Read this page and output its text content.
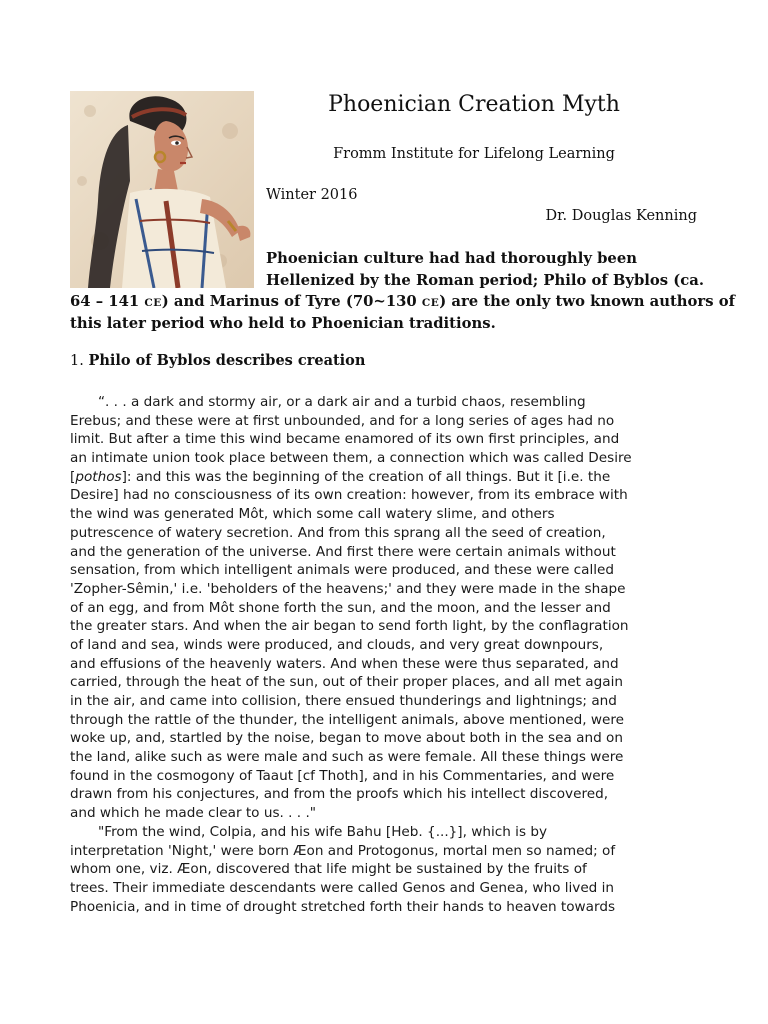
Phoenician Creation Myth
Fromm Institute for Lifelong Learning
Winter 2016
Dr. Douglas Kenning
Phoenician culture had had thoroughly been
Hellenized by the Roman period; Philo of Byblos (ca.
64 – 141 CE) and Marinus of Tyre (70~130 CE) are the only two known authors of
this later period who held to Phoenician traditions.
1. Philo of Byblos describes creation
“. . . a dark and stormy air, or a dark air and a turbid chaos, resembling
Erebus; and these were at first unbounded, and for a long series of ages had no
limit. But after a time this wind became enamored of its own first principles, and
an intimate union took place between them, a connection which was called Desire
[pothos]: and this was the beginning of the creation of all things. But it [i.e. the
Desire] had no consciousness of its own creation: however, from its embrace with
the wind was generated Môt, which some call watery slime, and others
putrescence of watery secretion. And from this sprang all the seed of creation,
and the generation of the universe. And first there were certain animals without
sensation, from which intelligent animals were produced, and these were called
'Zopher-Sêmin,' i.e. 'beholders of the heavens;' and they were made in the shape
of an egg, and from Môt shone forth the sun, and the moon, and the lesser and
the greater stars. And when the air began to send forth light, by the conflagration
of land and sea, winds were produced, and clouds, and very great downpours,
and effusions of the heavenly waters. And when these were thus separated, and
carried, through the heat of the sun, out of their proper places, and all met again
in the air, and came into collision, there ensued thunderings and lightnings; and
through the rattle of the thunder, the intelligent animals, above mentioned, were
woke up, and, startled by the noise, began to move about both in the sea and on
the land, alike such as were male and such as were female. All these things were
found in the cosmogony of Taaut [cf Thoth], and in his Commentaries, and were
drawn from his conjectures, and from the proofs which his intellect discovered,
and which he made clear to us. . . ."
"From the wind, Colpia, and his wife Bahu [Heb. {...}], which is by
interpretation 'Night,' were born Æon and Protogonus, mortal men so named; of
whom one, viz. Æon, discovered that life might be sustained by the fruits of
trees. Their immediate descendants were called Genos and Genea, who lived in
Phoenicia, and in time of drought stretched forth their hands to heaven towards
